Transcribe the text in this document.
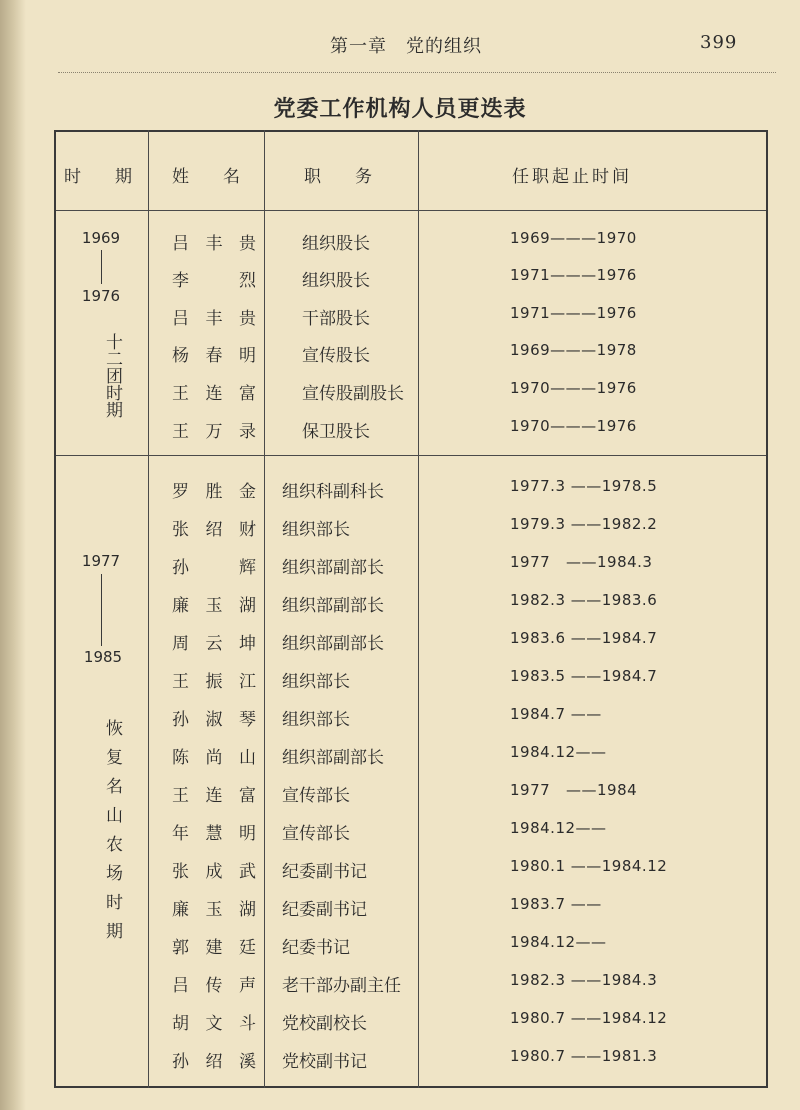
第一章　党的组织	399
党委工作机构人员更迭表
时　　期 姓　　名	职　　务	任职起止时间
1969
1976
十二团时期
1977
1985
恢复名山农场时期
吕丰贵	组织股长	1969———1970
李烈	组织股长	1971———1976
吕丰贵	干部股长	1971———1976
杨春明	宣传股长	1969———1978
王连富	宣传股副股长	1970———1976
王万录	保卫股长	1970———1976
罗胜金 组织科副科长	1977.3 ——1978.5
张绍财 组织部长	1979.3 ——1982.2
孙辉 组织部副部长	1977   ——1984.3
廉玉湖 组织部副部长	1982.3 ——1983.6
周云坤 组织部副部长	1983.6 ——1984.7
王振江 组织部长	1983.5 ——1984.7
孙淑琴 组织部长	1984.7 ——
陈尚山 组织部副部长	1984.12——
王连富 宣传部长	1977   ——1984
年慧明 宣传部长	1984.12——
张成武 纪委副书记	1980.1 ——1984.12
廉玉湖 纪委副书记	1983.7 ——
郭建廷 纪委书记	1984.12——
吕传声 老干部办副主任	1982.3 ——1984.3
胡文斗 党校副校长	1980.7 ——1984.12
孙绍溪 党校副书记	1980.7 ——1981.3
